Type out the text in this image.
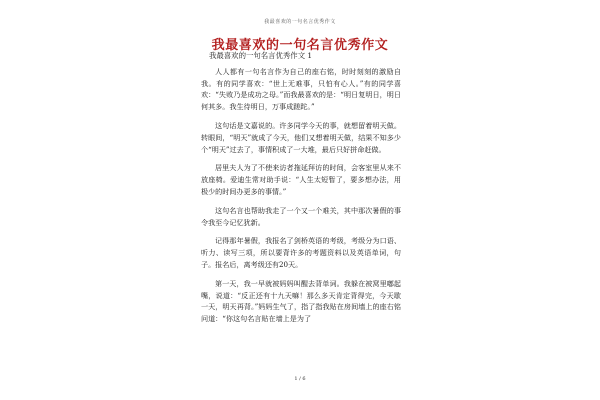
我最喜欢的一句名言优秀作文
我最喜欢的一句名言优秀作文

我最喜欢的一句名言优秀作文 1

人人都有一句名言作为自己的座右铭，时时刻刻的激励自我。有的同学喜欢：“世上无难事，只怕有心人。”有的同学喜欢：“失败乃是成功之母。”而我最喜欢的是：“明日复明日，明日何其多。我生待明日，万事成蹉跎。”

这句话是文嘉说的。许多同学今天的事，就想留着明天做。转眼间，“明天”就成了今天，他们又想着明天做，结果不知多少个“明天”过去了，事情积成了一大堆，最后只好拼命赶做。

居里夫人为了不使来访者拖延拜访的时间，会客室里从来不放座椅。爱迪生常对助手说：“人生太短暂了，要多想办法，用极少的时间办更多的事情。”

这句名言也帮助我走了一个又一个难关，其中那次暑假的事令我至今记忆犹新。

记得那年暑假，我报名了剑桥英语的考级，考级分为口语、听力、读写三项，所以要背许多的考题资料以及英语单词，句子。报名后，离考级还有20天。

第一天，我一早就被妈妈叫醒去背单词。我躲在被窝里嘟起嘴，说道：“反正还有十九天嘛！那么多天肯定背得完，今天歇一天，明天再背。”妈妈生气了，指了指我贴在房间墙上的座右铭问道：“你这句名言贴在墙上是为了

1 / 6
